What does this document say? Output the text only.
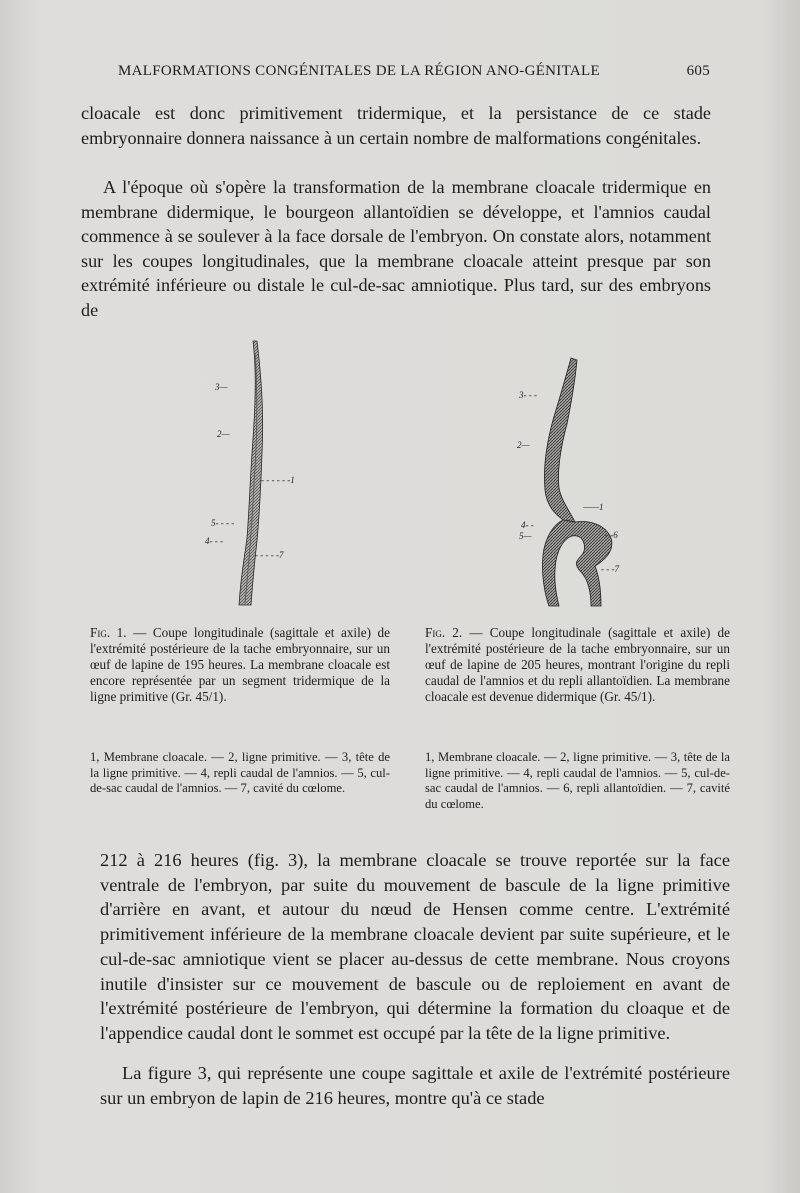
MALFORMATIONS CONGÉNITALES DE LA RÉGION ANO-GÉNITALE	605

cloacale est donc primitivement tridermique, et la persistance de ce stade embryonnaire donnera naissance à un certain nombre de malformations congénitales.

A l'époque où s'opère la transformation de la membrane cloacale tridermique en membrane didermique, le bourgeon allantoïdien se développe, et l'amnios caudal commence à se soulever à la face dorsale de l'embryon. On constate alors, notamment sur les coupes longitudinales, que la membrane cloacale atteint presque par son extrémité inférieure ou distale le cul-de-sac amniotique. Plus tard, sur des embryons de

3—
2—
- - - - - -1
5- - - -
4- - -
- - - - -7
3- - -
2—
——1
4- -
5—	- -6
- - -7

Fig. 1. — Coupe longitudinale (sagittale et axile) de l'extrémité postérieure de la tache embryonnaire, sur un œuf de lapine de 195 heures. La membrane cloacale est encore représentée par un segment tridermique de la ligne primitive (Gr. 45/1).

1, Membrane cloacale. — 2, ligne primitive. — 3, tête de la ligne primitive. — 4, repli caudal de l'amnios. — 5, cul-de-sac caudal de l'amnios. — 7, cavité du cœlome.

Fig. 2. — Coupe longitudinale (sagittale et axile) de l'extrémité postérieure de la tache embryonnaire, sur un œuf de lapine de 205 heures, montrant l'origine du repli caudal de l'amnios et du repli allantoïdien. La membrane cloacale est devenue didermique (Gr. 45/1).

1, Membrane cloacale. — 2, ligne primitive. — 3, tête de la ligne primitive. — 4, repli caudal de l'amnios. — 5, cul-de-sac caudal de l'amnios. — 6, repli allantoïdien. — 7, cavité du cœlome.

212 à 216 heures (fig. 3), la membrane cloacale se trouve reportée sur la face ventrale de l'embryon, par suite du mouvement de bascule de la ligne primitive d'arrière en avant, et autour du nœud de Hensen comme centre. L'extrémité primitivement inférieure de la membrane cloacale devient par suite supérieure, et le cul-de-sac amniotique vient se placer au-dessus de cette membrane. Nous croyons inutile d'insister sur ce mouvement de bascule ou de reploiement en avant de l'extrémité postérieure de l'embryon, qui détermine la formation du cloaque et de l'appendice caudal dont le sommet est occupé par la tête de la ligne primitive.

La figure 3, qui représente une coupe sagittale et axile de l'extrémité postérieure sur un embryon de lapin de 216 heures, montre qu'à ce stade
